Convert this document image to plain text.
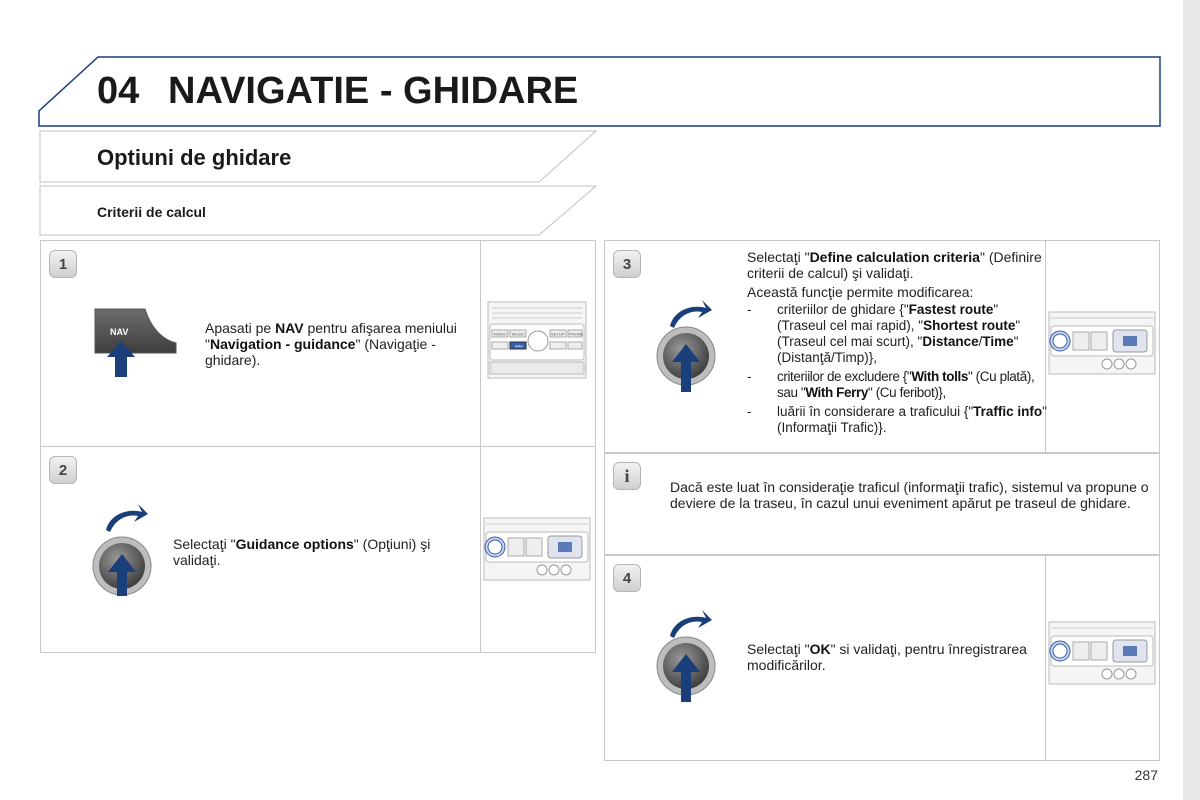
04 NAVIGATIE - GHIDARE
Optiuni de ghidare
Criterii de calcul
1
NAV	Apasati pe NAV pentru afişarea meniului "Navigation - guidance" (Navigaţie - ghidare).
RADIO MUSIC	SETUP PHONE
NAV
2
Selectaţi "Guidance options" (Opţiuni) şi validaţi.
3	Selectaţi "Define calculation criteria" (Definire criterii de calcul) şi validaţi.
Această funcţie permite modificarea:
- criteriilor de ghidare {"Fastest route" (Traseul cel mai rapid), "Shortest route" (Traseul cel mai scurt), "Distance/Time" (Distanţă/Timp)},
- criteriilor de excludere {"With tolls" (Cu plată), sau "With Ferry" (Cu feribot)},
- luării în considerare a traficului {"Traffic info" (Informaţii Trafic)}.
i
Dacă este luat în consideraţie traficul (informaţii trafic), sistemul va propune o deviere de la traseu, în cazul unui eveniment apărut pe traseul de ghidare.
4
Selectaţi "OK" si validaţi, pentru înregistrarea modificărilor.
287
